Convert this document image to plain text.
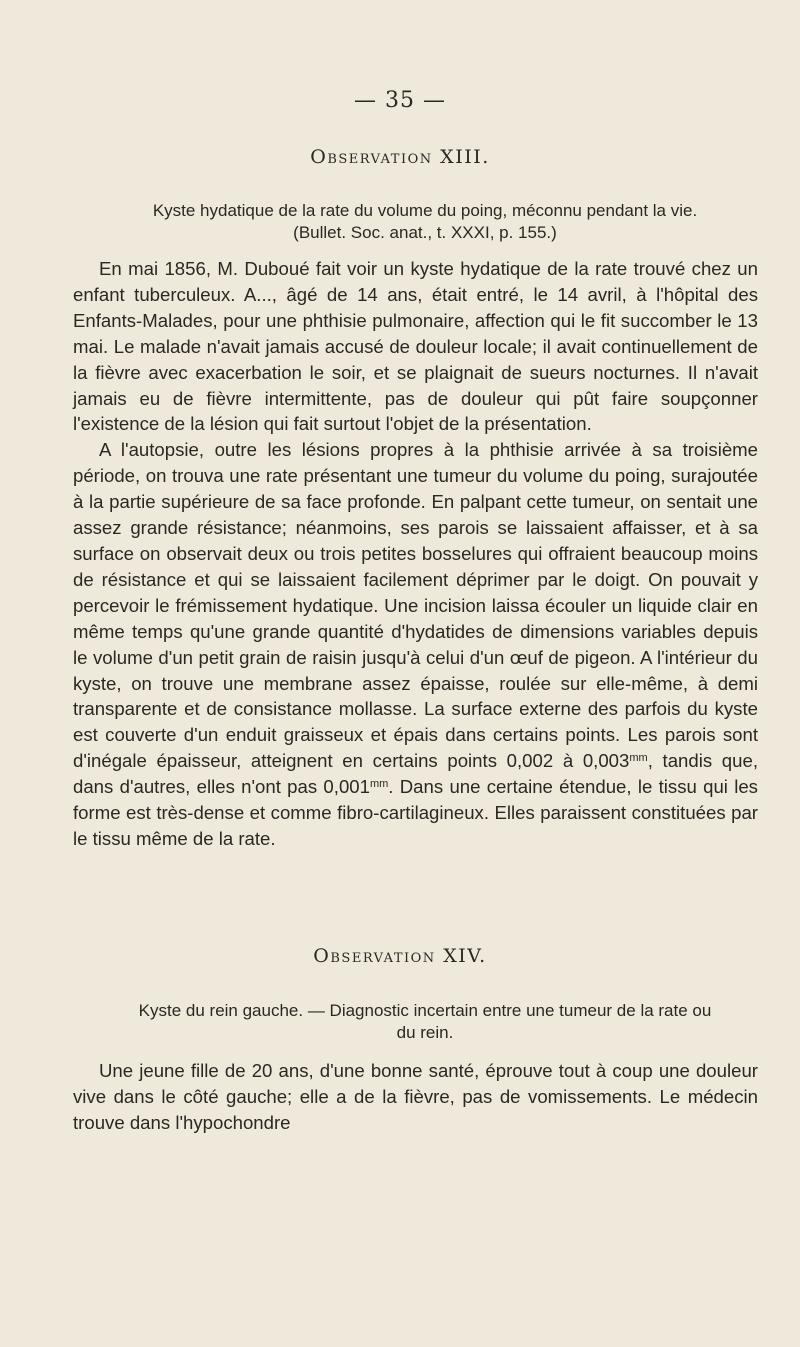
— 35 —
Observation XIII.
Kyste hydatique de la rate du volume du poing, méconnu pendant la vie.
(Bullet. Soc. anat., t. XXXI, p. 155.)

En mai 1856, M. Duboué fait voir un kyste hydatique de la rate trouvé chez un enfant tuberculeux. A..., âgé de 14 ans, était entré, le 14 avril, à l'hôpital des Enfants-Malades, pour une phthisie pulmonaire, affection qui le fit succomber le 13 mai. Le malade n'avait jamais accusé de douleur locale; il avait continuellement de la fièvre avec exacerbation le soir, et se plaignait de sueurs nocturnes. Il n'avait jamais eu de fièvre intermittente, pas de douleur qui pût faire soupçonner l'existence de la lésion qui fait surtout l'objet de la présentation.

A l'autopsie, outre les lésions propres à la phthisie arrivée à sa troisième période, on trouva une rate présentant une tumeur du volume du poing, surajoutée à la partie supérieure de sa face profonde. En palpant cette tumeur, on sentait une assez grande résistance; néanmoins, ses parois se laissaient affaisser, et à sa surface on observait deux ou trois petites bosselures qui offraient beaucoup moins de résistance et qui se laissaient facilement déprimer par le doigt. On pouvait y percevoir le frémissement hydatique. Une incision laissa écouler un liquide clair en même temps qu'une grande quantité d'hydatides de dimensions variables depuis le volume d'un petit grain de raisin jusqu'à celui d'un œuf de pigeon. A l'intérieur du kyste, on trouve une membrane assez épaisse, roulée sur elle-même, à demi transparente et de consistance mollasse. La surface externe des parfois du kyste est couverte d'un enduit graisseux et épais dans certains points. Les parois sont d'inégale épaisseur, atteignent en certains points 0,002 à $0,003^{mm}$, tandis que, dans d'autres, elles n'ont pas $0,001^{mm}$. Dans une certaine étendue, le tissu qui les forme est très-dense et comme fibro-cartilagineux. Elles paraissent constituées par le tissu même de la rate.

Observation XIV.
Kyste du rein gauche. — Diagnostic incertain entre une tumeur de la rate ou
du rein.

Une jeune fille de 20 ans, d'une bonne santé, éprouve tout à coup une douleur vive dans le côté gauche; elle a de la fièvre, pas de vomissements. Le médecin trouve dans l'hypochondre
